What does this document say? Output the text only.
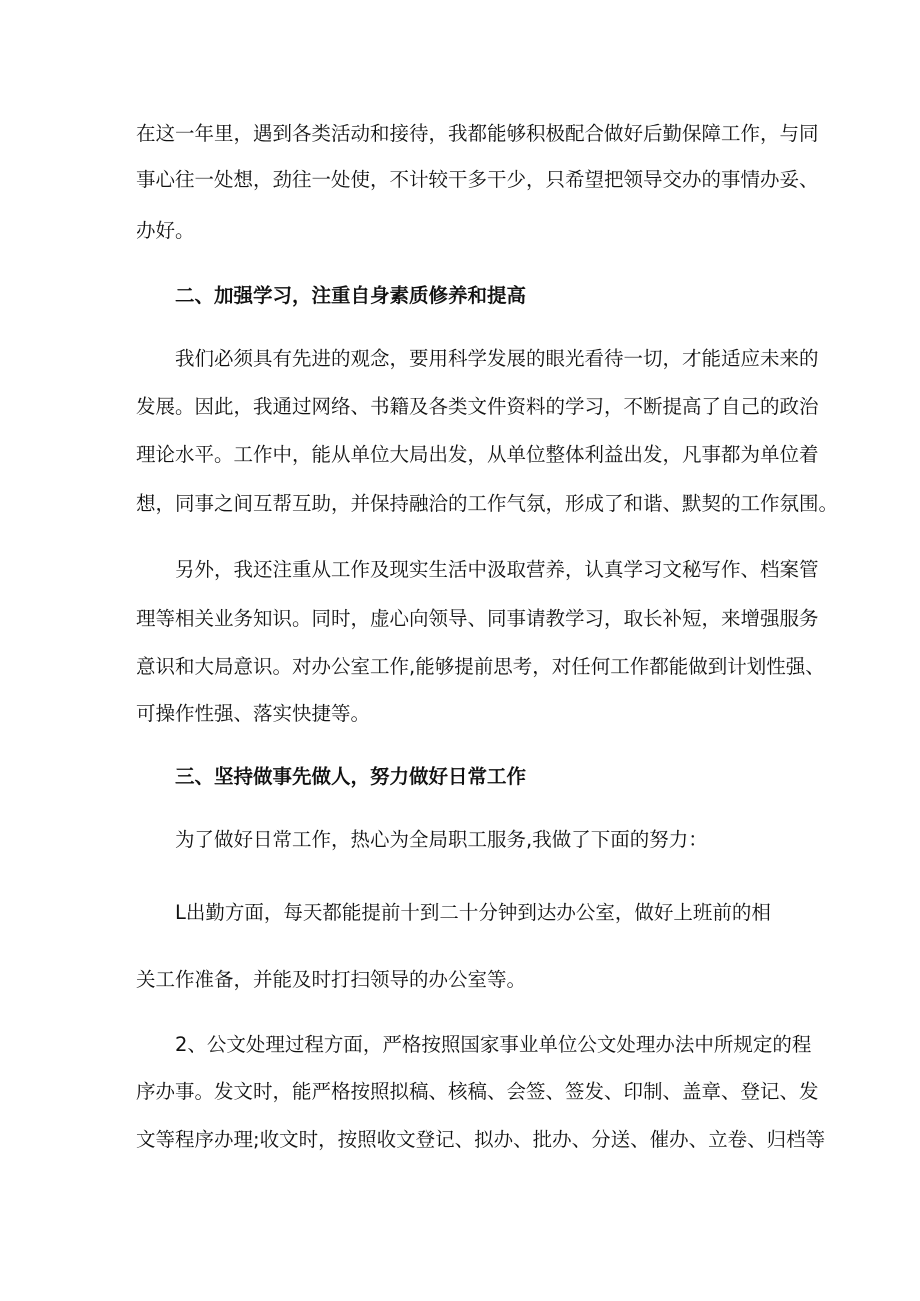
在这一年里，遇到各类活动和接待，我都能够积极配合做好后勤保障工作，与同

事心往一处想，劲往一处使，不计较干多干少，只希望把领导交办的事情办妥、

办好。

二、加强学习，注重自身素质修养和提高

我们必须具有先进的观念，要用科学发展的眼光看待一切，才能适应未来的

发展。因此，我通过网络、书籍及各类文件资料的学习，不断提高了自己的政治

理论水平。工作中，能从单位大局出发，从单位整体利益出发，凡事都为单位着

想，同事之间互帮互助，并保持融洽的工作气氛，形成了和谐、默契的工作氛围。

另外，我还注重从工作及现实生活中汲取营养，认真学习文秘写作、档案管

理等相关业务知识。同时，虚心向领导、同事请教学习，取长补短，来增强服务

意识和大局意识。对办公室工作,能够提前思考，对任何工作都能做到计划性强、

可操作性强、落实快捷等。

三、坚持做事先做人，努力做好日常工作

为了做好日常工作，热心为全局职工服务,我做了下面的努力：

L出勤方面，每天都能提前十到二十分钟到达办公室，做好上班前的相

关工作准备，并能及时打扫领导的办公室等。

2、公文处理过程方面，严格按照国家事业单位公文处理办法中所规定的程

序办事。发文时，能严格按照拟稿、核稿、会签、签发、印制、盖章、登记、发

文等程序办理;收文时，按照收文登记、拟办、批办、分送、催办、立卷、归档等
